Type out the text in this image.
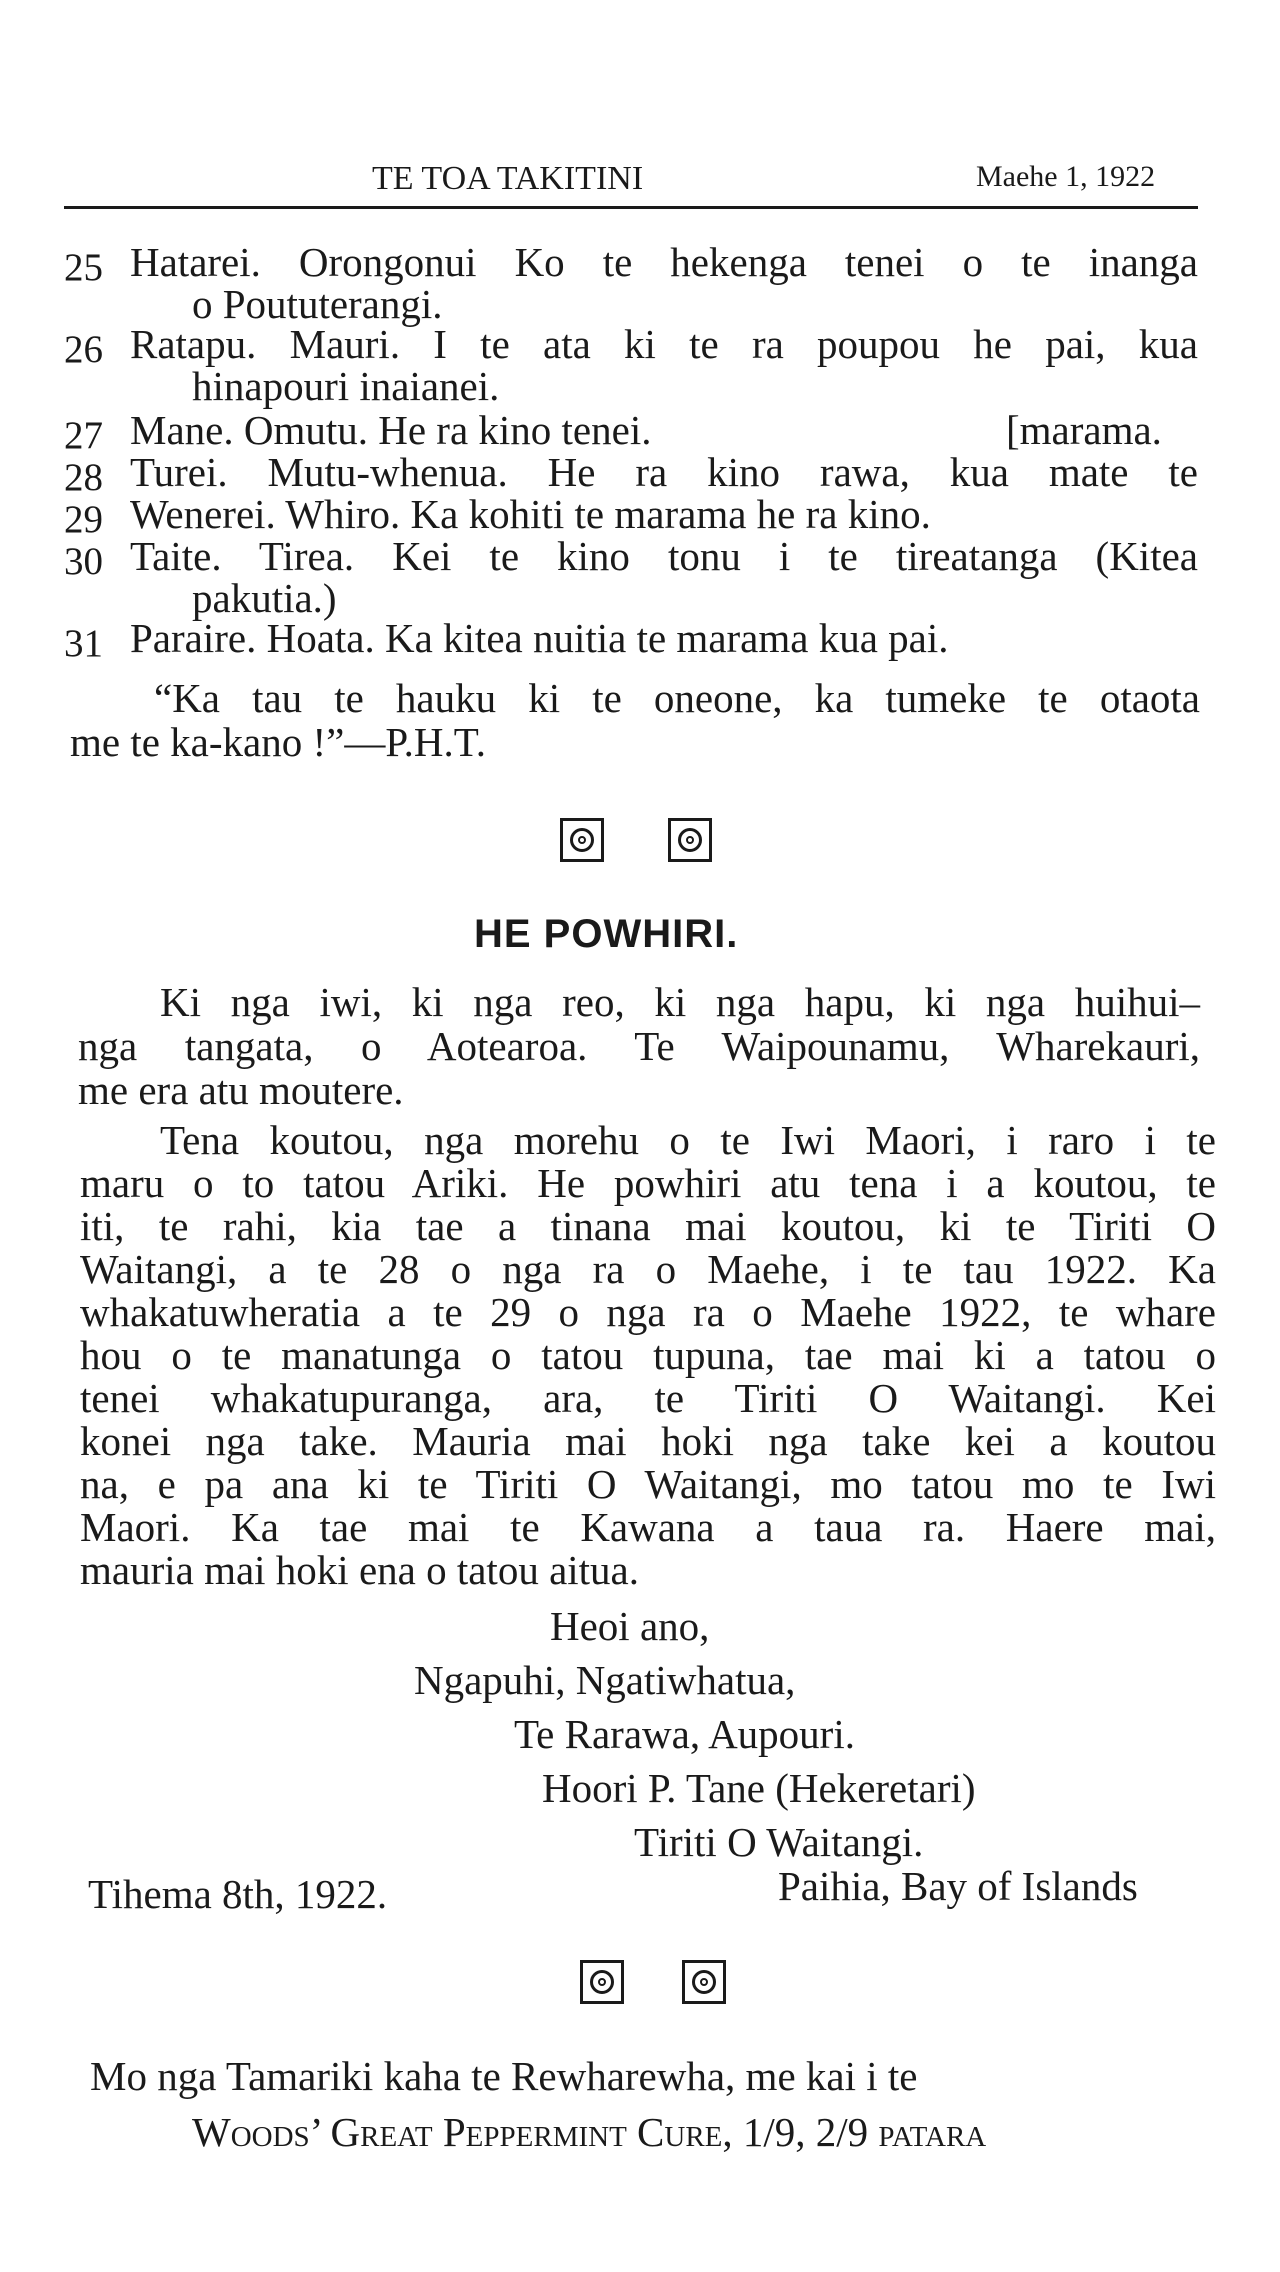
TE TOA TAKITINI	Maehe 1, 1922
25 Hatarei. Orongonui Ko te hekenga tenei o te inanga
o Poututerangi.
26 Ratapu. Mauri. I te ata ki te ra poupou he pai, kua
hinapouri inaianei.
27 Mane. Omutu. He ra kino tenei.	[marama.
28 Turei. Mutu-whenua. He ra kino rawa, kua mate te
29 Wenerei. Whiro. Ka kohiti te marama he ra kino.
30 Taite. Tirea. Kei te kino tonu i te tireatanga (Kitea
pakutia.)
31 Paraire. Hoata. Ka kitea nuitia te marama kua pai.
“Ka tau te hauku ki te oneone, ka tumeke te otaota
me te ka-kano !”—P.H.T.
HE POWHIRI.
Ki nga iwi, ki nga reo, ki nga hapu, ki nga huihui–
nga tangata, o Aotearoa. Te Waipounamu, Wharekauri,
me era atu moutere.
Tena koutou, nga morehu o te Iwi Maori, i raro i te
maru o to tatou Ariki. He powhiri atu tena i a koutou, te
iti, te rahi, kia tae a tinana mai koutou, ki te Tiriti O
Waitangi, a te 28 o nga ra o Maehe, i te tau 1922. Ka
whakatuwheratia a te 29 o nga ra o Maehe 1922, te whare
hou o te manatunga o tatou tupuna, tae mai ki a tatou o
tenei whakatupuranga, ara, te Tiriti O Waitangi. Kei
konei nga take. Mauria mai hoki nga take kei a koutou
na, e pa ana ki te Tiriti O Waitangi, mo tatou mo te Iwi
Maori. Ka tae mai te Kawana a taua ra. Haere mai,
mauria mai hoki ena o tatou aitua.
Heoi ano,
Ngapuhi, Ngatiwhatua,
Te Rarawa, Aupouri.
Hoori P. Tane (Hekeretari)
Tiriti O Waitangi.
Tihema 8th, 1922.	Paihia, Bay of Islands
Mo nga Tamariki kaha te Rewharewha, me kai i te
Woods’ Great Peppermint Cure, 1/9, 2/9 patara
